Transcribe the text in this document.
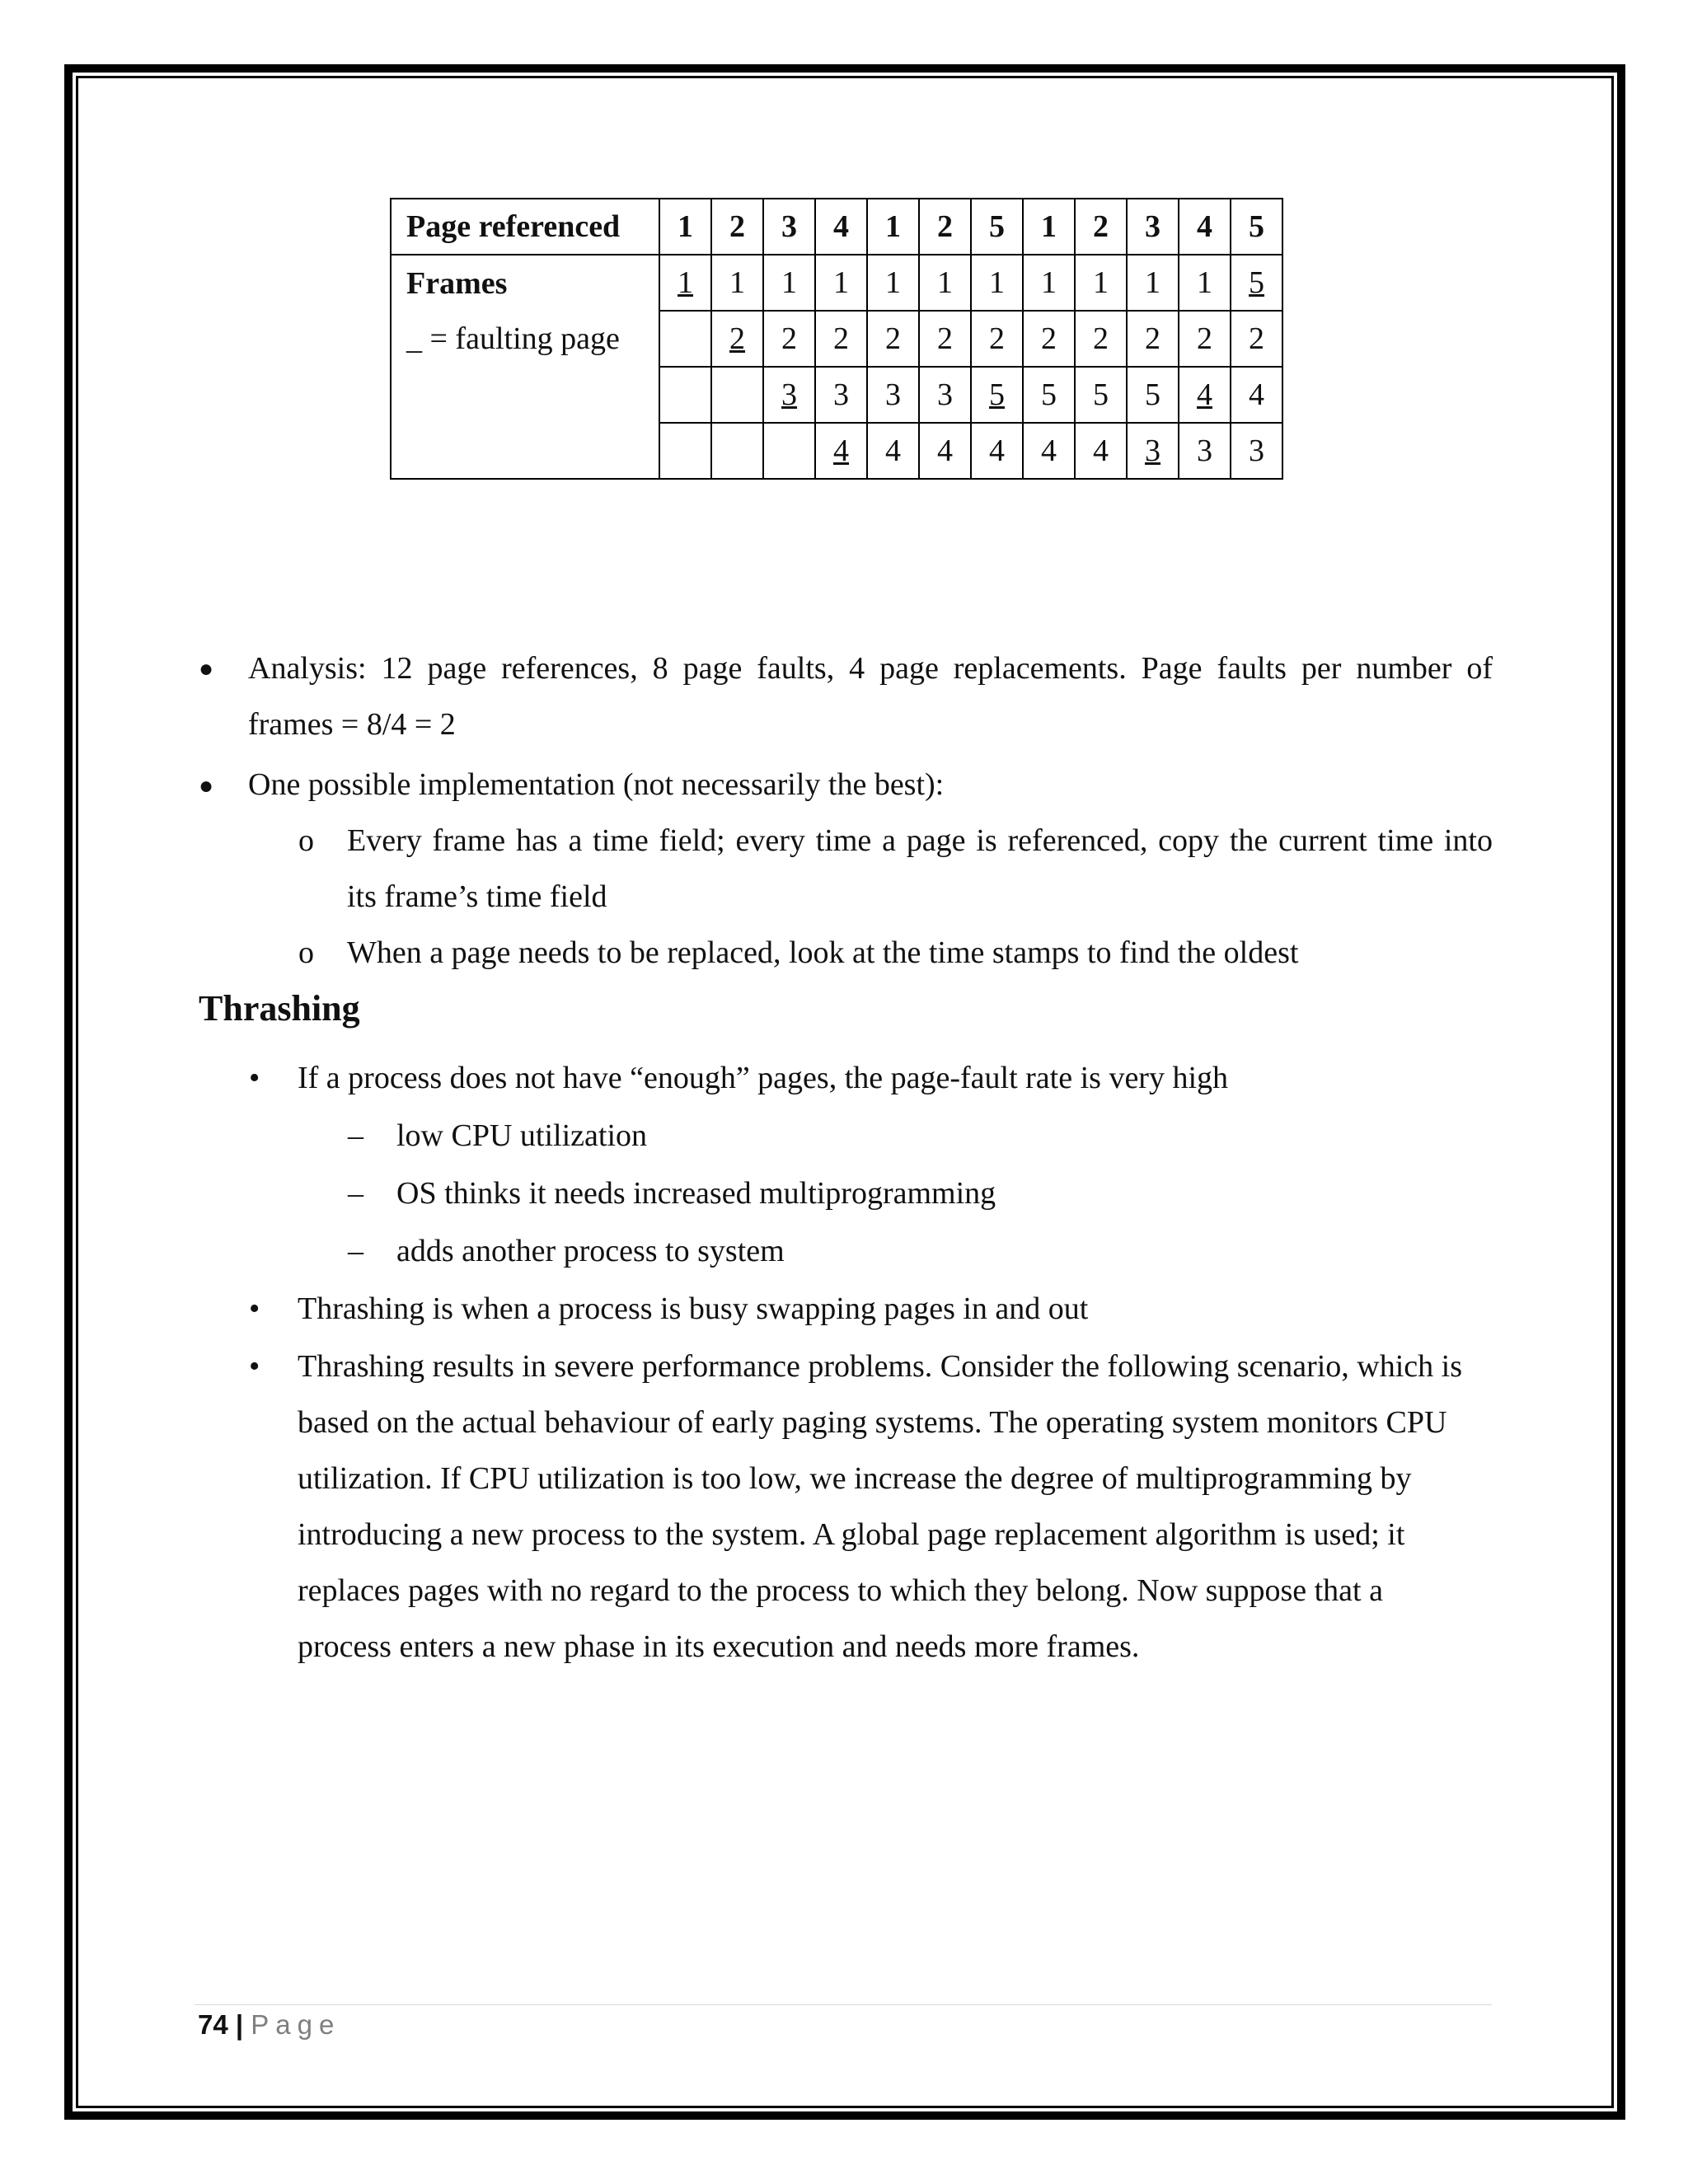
Page referenced	1	2	3	4	1	2	5	1	2	3	4	5
Frames	1	1	1	1	1	1	1	1	1	1	1	5
_ = faulting page		2	2	2	2	2	2	2	2	2	2	2
			3	3	3	3	5	5	5	5	4	4
				4	4	4	4	4	4	3	3	3
● Analysis: 12 page references, 8 page faults, 4 page replacements. Page faults per number of
frames = 8/4 = 2
● One possible implementation (not necessarily the best):
o Every frame has a time field; every time a page is referenced, copy the current time into
its frame’s time field
o When a page needs to be replaced, look at the time stamps to find the oldest
Thrashing
• If a process does not have “enough” pages, the page-fault rate is very high
– low CPU utilization
– OS thinks it needs increased multiprogramming
– adds another process to system
• Thrashing is when a process is busy swapping pages in and out
• Thrashing results in severe performance problems. Consider the following scenario, which is
based on the actual behaviour of early paging systems. The operating system monitors CPU
utilization. If CPU utilization is too low, we increase the degree of multiprogramming by
introducing a new process to the system. A global page replacement algorithm is used; it
replaces pages with no regard to the process to which they belong. Now suppose that a
process enters a new phase in its execution and needs more frames.
74 | Page
